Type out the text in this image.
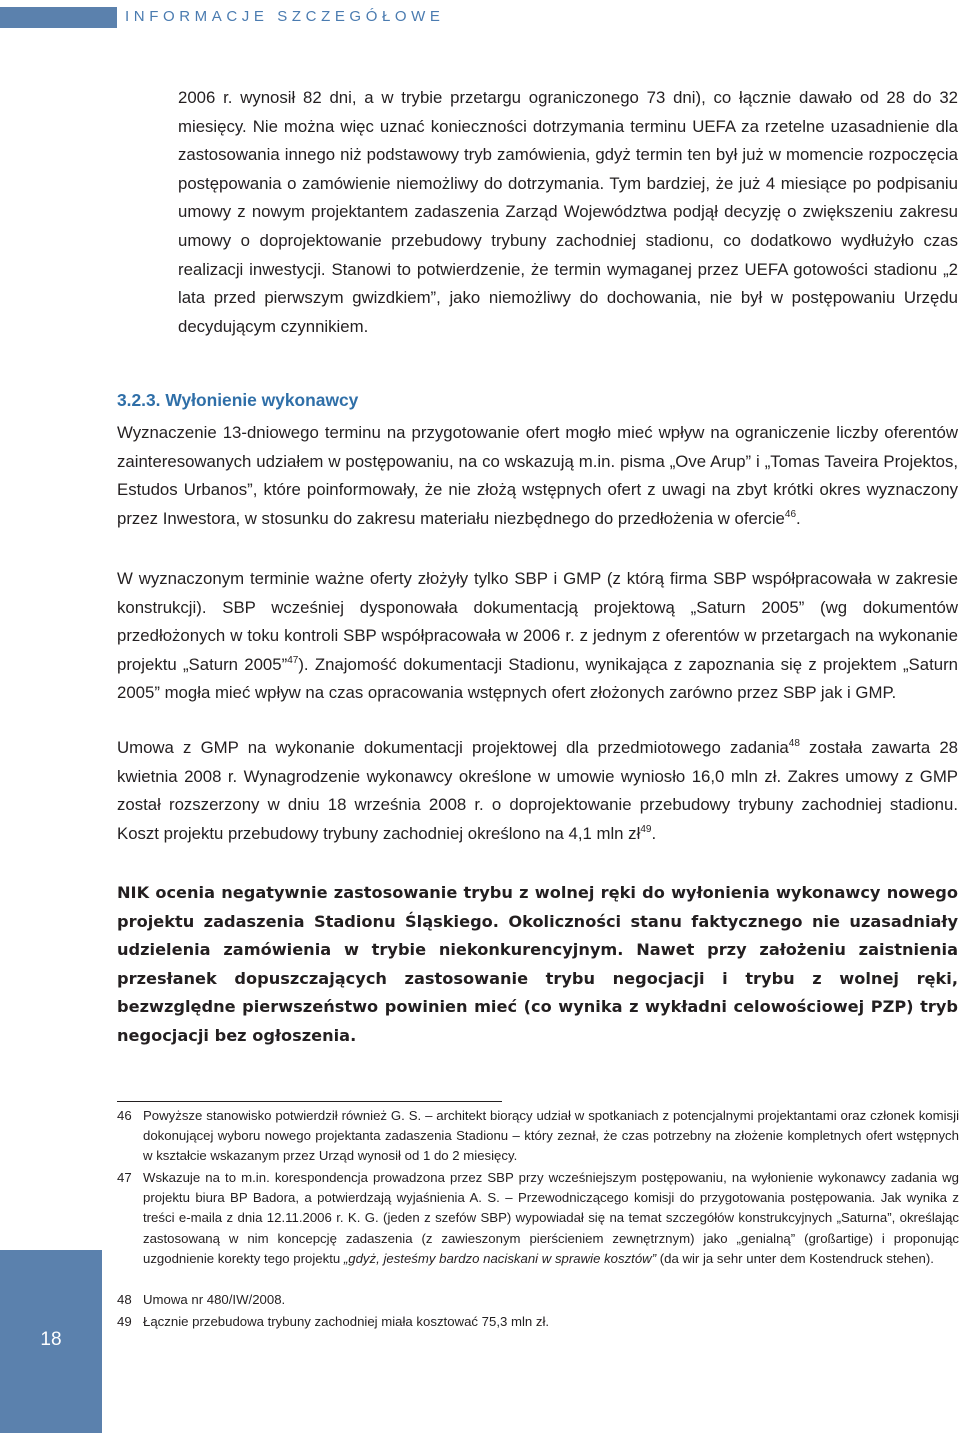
INFORMACJE SZCZEGÓŁOWE

2006 r. wynosił 82 dni, a w trybie przetargu ograniczonego 73 dni), co łącznie dawało od 28 do 32 miesięcy. Nie można więc uznać konieczności dotrzymania terminu UEFA za rzetelne uzasadnienie dla zastosowania innego niż podstawowy tryb zamówienia, gdyż termin ten był już w momencie rozpoczęcia postępowania o zamówienie niemożliwy do dotrzymania. Tym bardziej, że już 4 miesiące po podpisaniu umowy z nowym projektantem zadaszenia Zarząd Województwa podjął decyzję o zwiększeniu zakresu umowy o doprojektowanie przebudowy trybuny zachodniej stadionu, co dodatkowo wydłużyło czas realizacji inwestycji. Stanowi to potwierdzenie, że termin wymaganej przez UEFA gotowości stadionu „2 lata przed pierwszym gwizdkiem”, jako niemożliwy do dochowania, nie był w postępowaniu Urzędu decydującym czynnikiem.

3.2.3. Wyłonienie wykonawcy

Wyznaczenie 13-dniowego terminu na przygotowanie ofert mogło mieć wpływ na ograniczenie liczby oferentów zainteresowanych udziałem w postępowaniu, na co wskazują m.in. pisma „Ove Arup” i „Tomas Taveira Projektos, Estudos Urbanos”, które poinformowały, że nie złożą wstępnych ofert z uwagi na zbyt krótki okres wyznaczony przez Inwestora, w stosunku do zakresu materiału niezbędnego do przedłożenia w ofercie$^{46}$.

W wyznaczonym terminie ważne oferty złożyły tylko SBP i GMP (z którą firma SBP współpracowała w zakresie konstrukcji). SBP wcześniej dysponowała dokumentacją projektową „Saturn 2005” (wg dokumentów przedłożonych w toku kontroli SBP współpracowała w 2006 r. z jednym z oferentów w przetargach na wykonanie projektu „Saturn 2005”$^{47}$). Znajomość dokumentacji Stadionu, wynikająca z zapoznania się z projektem „Saturn 2005” mogła mieć wpływ na czas opracowania wstępnych ofert złożonych zarówno przez SBP jak i GMP.

Umowa z GMP na wykonanie dokumentacji projektowej dla przedmiotowego zadania$^{48}$ została zawarta 28 kwietnia 2008 r. Wynagrodzenie wykonawcy określone w umowie wyniosło 16,0 mln zł. Zakres umowy z GMP został rozszerzony w dniu 18 września 2008 r. o doprojektowanie przebudowy trybuny zachodniej stadionu. Koszt projektu przebudowy trybuny zachodniej określono na 4,1 mln $zł^{49}$.

NIK ocenia negatywnie zastosowanie trybu z wolnej ręki do wyłonienia wykonawcy nowego projektu zadaszenia Stadionu Śląskiego. Okoliczności stanu faktycznego nie uzasadniały udzielenia zamówienia w trybie niekonkurencyjnym. Nawet przy założeniu zaistnienia przesłanek dopuszczających zastosowanie trybu negocjacji i trybu z wolnej ręki, bezwzględne pierwszeństwo powinien mieć (co wynika z wykładni celowościowej PZP) tryb negocjacji bez ogłoszenia.

46 Powyższe stanowisko potwierdził również G. S. – architekt biorący udział w spotkaniach z potencjalnymi projektantami oraz członek komisji dokonującej wyboru nowego projektanta zadaszenia Stadionu – który zeznał, że czas potrzebny na złożenie kompletnych ofert wstępnych w kształcie wskazanym przez Urząd wynosił od 1 do 2 miesięcy.

47 Wskazuje na to m.in. korespondencja prowadzona przez SBP przy wcześniejszym postępowaniu, na wyłonienie wykonawcy zadania wg projektu biura BP Badora, a potwierdzają wyjaśnienia A. S. – Przewodniczącego komisji do przygotowania postępowania. Jak wynika z treści e-maila z dnia 12.11.2006 r. K. G. (jeden z szefów SBP) wypowiadał się na temat szczegółów konstrukcyjnych „Saturna”, określając zastosowaną w nim koncepcję zadaszenia (z zawieszonym pierścieniem zewnętrznym) jako „genialną” (großartige) i proponując uzgodnienie korekty tego projektu „gdyż, jesteśmy bardzo naciskani w sprawie kosztów” (da wir ja sehr unter dem Kostendruck stehen).

48 Umowa nr 480/IW/2008.

49 Łącznie przebudowa trybuny zachodniej miała kosztować 75,3 mln zł.

18
